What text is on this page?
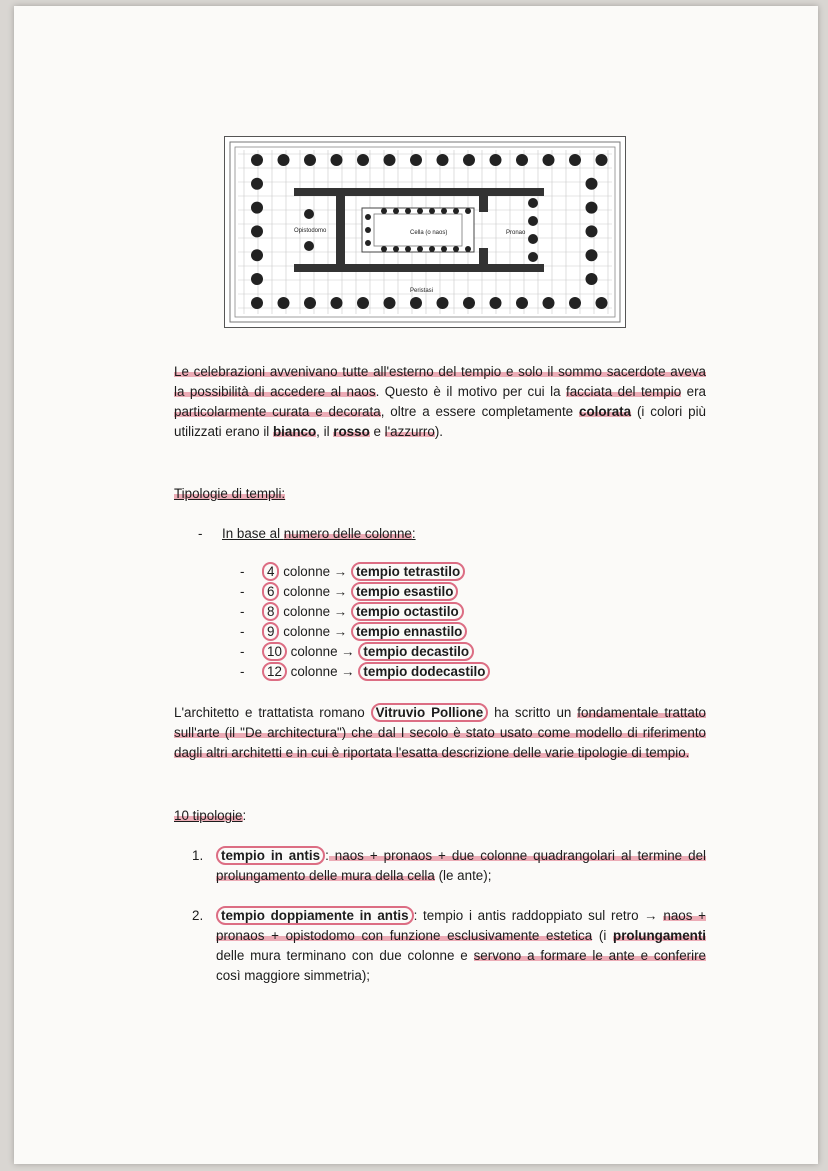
Opistodomo	Cella (o naos)	Pronao
Peristasi
Le celebrazioni avvenivano tutte all'esterno del tempio e solo il sommo sacerdote aveva la possibilità di accedere al naos. Questo è il motivo per cui la facciata del tempio era particolarmente curata e decorata, oltre a essere completamente colorata (i colori più utilizzati erano il bianco, il rosso e l'azzurro).
Tipologie di templi:
- In base al numero delle colonne:
- 4 colonne → tempio tetrastilo
- 6 colonne → tempio esastilo
- 8 colonne → tempio octastilo
- 9 colonne → tempio ennastilo
- 10 colonne → tempio decastilo
- 12 colonne → tempio dodecastilo
L'architetto e trattatista romano Vitruvio Pollione ha scritto un fondamentale trattato sull'arte (il "De architectura") che dal I secolo è stato usato come modello di riferimento dagli altri architetti e in cui è riportata l'esatta descrizione delle varie tipologie di tempio.
10 tipologie:
1.	tempio in antis : naos + pronaos + due colonne quadrangolari al termine del prolungamento delle mura della cella (le ante);
2.	tempio doppiamente in antis : tempio i antis raddoppiato sul retro → naos + pronaos + opistodomo con funzione esclusivamente estetica (i prolungamenti delle mura terminano con due colonne e servono a formare le ante e conferire così maggiore simmetria);
